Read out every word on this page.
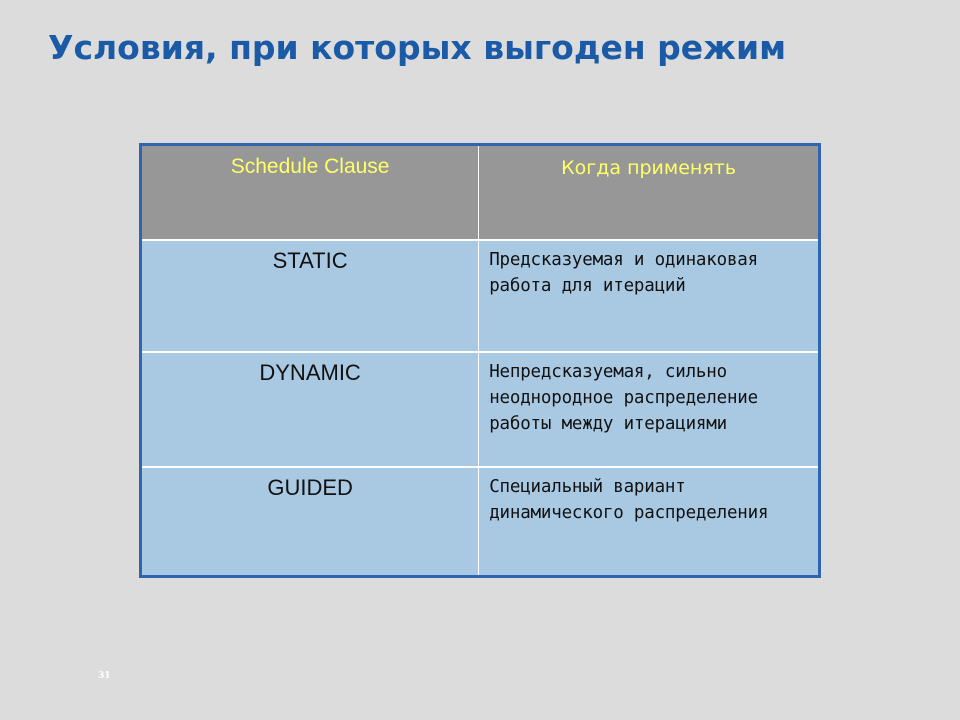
Условия, при которых выгоден режим
Schedule Clause	Когда применять
STATIC	Предсказуемая и одинаковая работа для итераций
DYNAMIC	Непредсказуемая, сильно неоднородное распределение работы между итерациями
GUIDED	Специальный вариант динамического распределения
31
